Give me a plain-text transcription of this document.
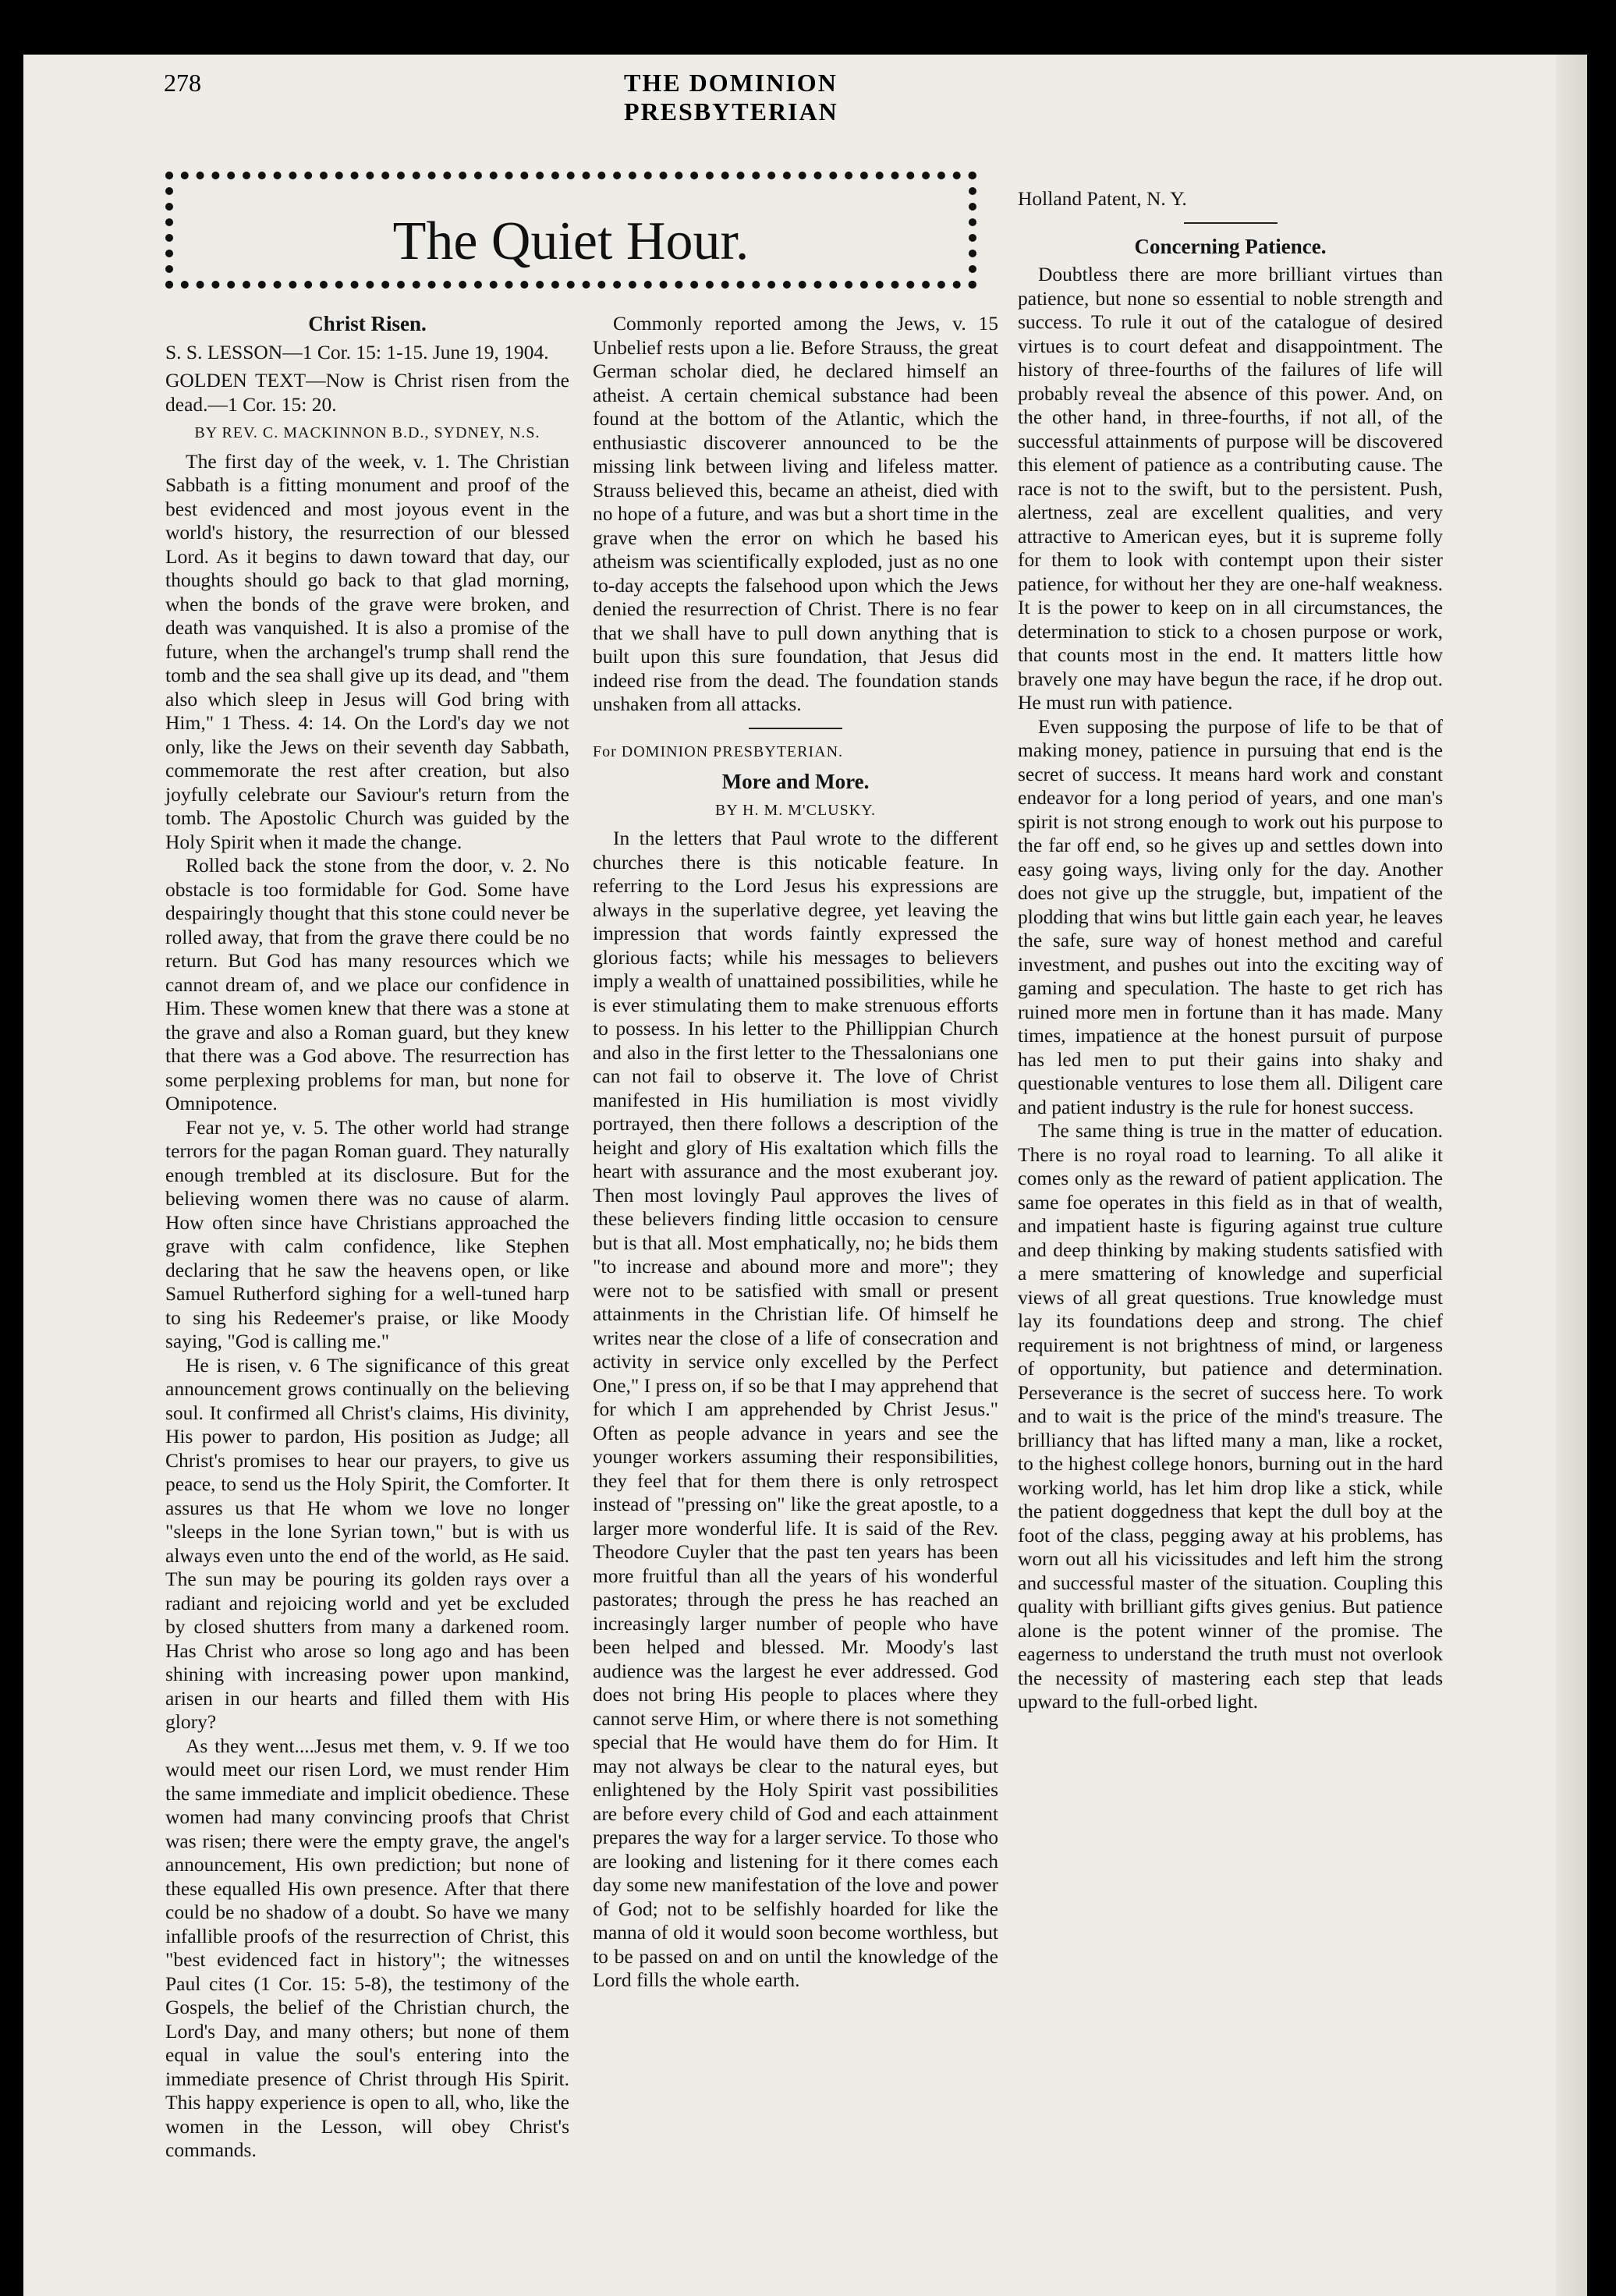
278	THE DOMINION PRESBYTERIAN
The Quiet Hour.
Christ Risen.

S. S. LESSON—1 Cor. 15: 1-15. June 19, 1904.

GOLDEN TEXT—Now is Christ risen from the dead.—1 Cor. 15: 20.

BY REV. C. MACKINNON B.D., SYDNEY, N.S.

The first day of the week, v. 1. The Christian Sabbath is a fitting monument and proof of the best evidenced and most joyous event in the world's history, the resurrection of our blessed Lord. As it begins to dawn toward that day, our thoughts should go back to that glad morning, when the bonds of the grave were broken, and death was vanquished. It is also a promise of the future, when the archangel's trump shall rend the tomb and the sea shall give up its dead, and "them also which sleep in Jesus will God bring with Him," 1 Thess. 4: 14. On the Lord's day we not only, like the Jews on their seventh day Sabbath, commemorate the rest after creation, but also joyfully celebrate our Saviour's return from the tomb. The Apostolic Church was guided by the Holy Spirit when it made the change.

Rolled back the stone from the door, v. 2. No obstacle is too formidable for God. Some have despairingly thought that this stone could never be rolled away, that from the grave there could be no return. But God has many resources which we cannot dream of, and we place our confidence in Him. These women knew that there was a stone at the grave and also a Roman guard, but they knew that there was a God above. The resurrection has some perplexing problems for man, but none for Omnipotence.

Fear not ye, v. 5. The other world had strange terrors for the pagan Roman guard. They naturally enough trembled at its disclosure. But for the believing women there was no cause of alarm. How often since have Christians approached the grave with calm confidence, like Stephen declaring that he saw the heavens open, or like Samuel Rutherford sighing for a well-tuned harp to sing his Redeemer's praise, or like Moody saying, "God is calling me."

He is risen, v. 6 The significance of this great announcement grows continually on the believing soul. It confirmed all Christ's claims, His divinity, His power to pardon, His position as Judge; all Christ's promises to hear our prayers, to give us peace, to send us the Holy Spirit, the Comforter. It assures us that He whom we love no longer "sleeps in the lone Syrian town," but is with us always even unto the end of the world, as He said. The sun may be pouring its golden rays over a radiant and rejoicing world and yet be excluded by closed shutters from many a darkened room. Has Christ who arose so long ago and has been shining with increasing power upon mankind, arisen in our hearts and filled them with His glory?

As they went....Jesus met them, v. 9. If we too would meet our risen Lord, we must render Him the same immediate and implicit obedience. These women had many convincing proofs that Christ was risen; there were the empty grave, the angel's announcement, His own prediction; but none of these equalled His own presence. After that there could be no shadow of a doubt. So have we many infallible proofs of the resurrection of Christ, this "best evidenced fact in history"; the witnesses Paul cites (1 Cor. 15: 5-8), the testimony of the Gospels, the belief of the Christian church, the Lord's Day, and many others; but none of them equal in value the soul's entering into the immediate presence of Christ through His Spirit. This happy experience is open to all, who, like the women in the Lesson, will obey Christ's commands.

Commonly reported among the Jews, v. 15 Unbelief rests upon a lie. Before Strauss, the great German scholar died, he declared himself an atheist. A certain chemical substance had been found at the bottom of the Atlantic, which the enthusiastic discoverer announced to be the missing link between living and lifeless matter. Strauss believed this, became an atheist, died with no hope of a future, and was but a short time in the grave when the error on which he based his atheism was scientifically exploded, just as no one to-day accepts the falsehood upon which the Jews denied the resurrection of Christ. There is no fear that we shall have to pull down anything that is built upon this sure foundation, that Jesus did indeed rise from the dead. The foundation stands unshaken from all attacks.

For DOMINION PRESBYTERIAN.

More and More.
BY H. M. M'CLUSKY.

In the letters that Paul wrote to the different churches there is this noticable feature. In referring to the Lord Jesus his expressions are always in the superlative degree, yet leaving the impression that words faintly expressed the glorious facts; while his messages to believers imply a wealth of unattained possibilities, while he is ever stimulating them to make strenuous efforts to possess. In his letter to the Phillippian Church and also in the first letter to the Thessalonians one can not fail to observe it. The love of Christ manifested in His humiliation is most vividly portrayed, then there follows a description of the height and glory of His exaltation which fills the heart with assurance and the most exuberant joy. Then most lovingly Paul approves the lives of these believers finding little occasion to censure but is that all. Most emphatically, no; he bids them "to increase and abound more and more"; they were not to be satisfied with small or present attainments in the Christian life. Of himself he writes near the close of a life of consecration and activity in service only excelled by the Perfect One," I press on, if so be that I may apprehend that for which I am apprehended by Christ Jesus." Often as people advance in years and see the younger workers assuming their responsibilities, they feel that for them there is only retrospect instead of "pressing on" like the great apostle, to a larger more wonderful life. It is said of the Rev. Theodore Cuyler that the past ten years has been more fruitful than all the years of his wonderful pastorates; through the press he has reached an increasingly larger number of people who have been helped and blessed. Mr. Moody's last audience was the largest he ever addressed. God does not bring His people to places where they cannot serve Him, or where there is not something special that He would have them do for Him. It may not always be clear to the natural eyes, but enlightened by the Holy Spirit vast possibilities are before every child of God and each attainment prepares the way for a larger service. To those who are looking and listening for it there comes each day some new manifestation of the love and power of God; not to be selfishly hoarded for like the manna of old it would soon become worthless, but to be passed on and on until the knowledge of the Lord fills the whole earth.

Holland Patent, N. Y.

Concerning Patience.

Doubtless there are more brilliant virtues than patience, but none so essential to noble strength and success. To rule it out of the catalogue of desired virtues is to court defeat and disappointment. The history of three-fourths of the failures of life will probably reveal the absence of this power. And, on the other hand, in three-fourths, if not all, of the successful attainments of purpose will be discovered this element of patience as a contributing cause. The race is not to the swift, but to the persistent. Push, alertness, zeal are excellent qualities, and very attractive to American eyes, but it is supreme folly for them to look with contempt upon their sister patience, for without her they are one-half weakness. It is the power to keep on in all circumstances, the determination to stick to a chosen purpose or work, that counts most in the end. It matters little how bravely one may have begun the race, if he drop out. He must run with patience.

Even supposing the purpose of life to be that of making money, patience in pursuing that end is the secret of success. It means hard work and constant endeavor for a long period of years, and one man's spirit is not strong enough to work out his purpose to the far off end, so he gives up and settles down into easy going ways, living only for the day. Another does not give up the struggle, but, impatient of the plodding that wins but little gain each year, he leaves the safe, sure way of honest method and careful investment, and pushes out into the exciting way of gaming and speculation. The haste to get rich has ruined more men in fortune than it has made. Many times, impatience at the honest pursuit of purpose has led men to put their gains into shaky and questionable ventures to lose them all. Diligent care and patient industry is the rule for honest success.

The same thing is true in the matter of education. There is no royal road to learning. To all alike it comes only as the reward of patient application. The same foe operates in this field as in that of wealth, and impatient haste is figuring against true culture and deep thinking by making students satisfied with a mere smattering of knowledge and superficial views of all great questions. True knowledge must lay its foundations deep and strong. The chief requirement is not brightness of mind, or largeness of opportunity, but patience and determination. Perseverance is the secret of success here. To work and to wait is the price of the mind's treasure. The brilliancy that has lifted many a man, like a rocket, to the highest college honors, burning out in the hard working world, has let him drop like a stick, while the patient doggedness that kept the dull boy at the foot of the class, pegging away at his problems, has worn out all his vicissitudes and left him the strong and successful master of the situation. Coupling this quality with brilliant gifts gives genius. But patience alone is the potent winner of the promise. The eagerness to understand the truth must not overlook the necessity of mastering each step that leads upward to the full-orbed light.
